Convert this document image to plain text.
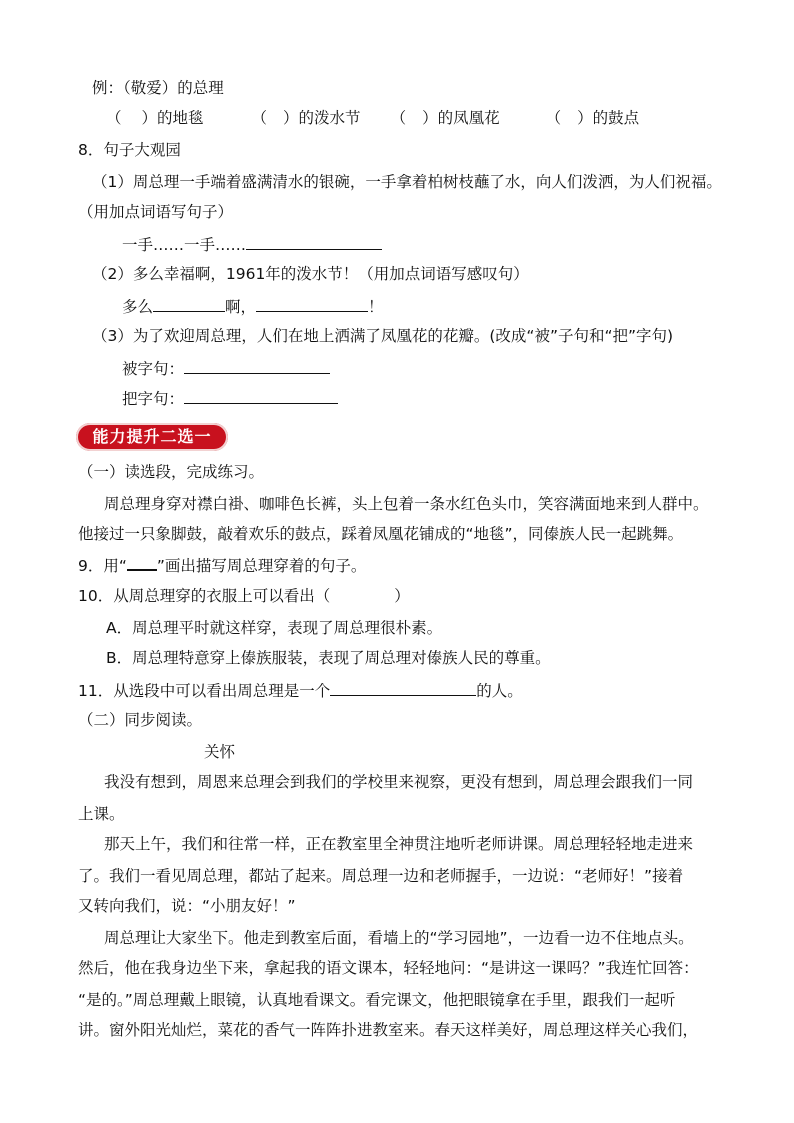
例：（敬爱）的总理
（ ）的地毯	（ ）的泼水节 （ ）的凤凰花	（ ）的鼓点
8．句子大观园
（1）周总理一手端着盛满清水的银碗，一手拿着柏树枝蘸了水，向人们泼洒，为人们祝福。
（用加点词语写句子）
一手……一手……
（2）多么幸福啊，1961年的泼水节！（用加点词语写感叹句）
多么	啊，	！
（3）为了欢迎周总理，人们在地上洒满了凤凰花的花瓣。(改成“被”子句和“把”字句)
被字句：
把字句：
能力提升二选一
（一）读选段，完成练习。
周总理身穿对襟白褂、咖啡色长裤，头上包着一条水红色头巾，笑容满面地来到人群中。
他接过一只象脚鼓，敲着欢乐的鼓点，踩着凤凰花铺成的“地毯”，同傣族人民一起跳舞。
9．用“ ”画出描写周总理穿着的句子。
10．从周总理穿的衣服上可以看出（	）
A．周总理平时就这样穿，表现了周总理很朴素。
B．周总理特意穿上傣族服装，表现了周总理对傣族人民的尊重。
11．从选段中可以看出周总理是一个	的人。
（二）同步阅读。
关怀
我没有想到，周恩来总理会到我们的学校里来视察，更没有想到，周总理会跟我们一同
上课。
那天上午，我们和往常一样，正在教室里全神贯注地听老师讲课。周总理轻轻地走进来
了。我们一看见周总理，都站了起来。周总理一边和老师握手，一边说：“老师好！”接着
又转向我们，说：“小朋友好！”
周总理让大家坐下。他走到教室后面，看墙上的“学习园地”，一边看一边不住地点头。
然后，他在我身边坐下来，拿起我的语文课本，轻轻地问：“是讲这一课吗？”我连忙回答：
“是的。”周总理戴上眼镜，认真地看课文。看完课文，他把眼镜拿在手里，跟我们一起听
讲。窗外阳光灿烂，菜花的香气一阵阵扑进教室来。春天这样美好，周总理这样关心我们，
